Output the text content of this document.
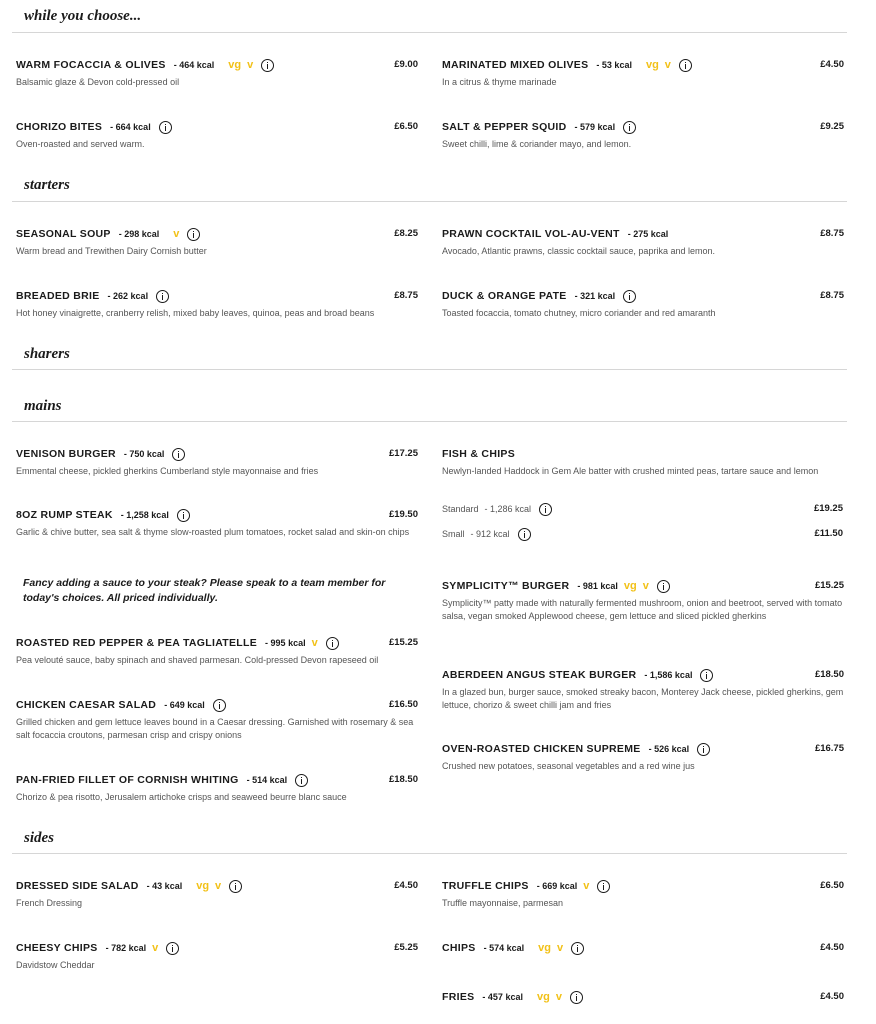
while you choose...
WARM FOCACCIA & OLIVES	- 464 kcal vg v	£9.00
Balsamic glaze & Devon cold-pressed oil
MARINATED MIXED OLIVES	- 53 kcal vg v	£4.50
In a citrus & thyme marinade
CHORIZO BITES	- 664 kcal	£6.50
Oven-roasted and served warm.
SALT & PEPPER SQUID	- 579 kcal	£9.25
Sweet chilli, lime & coriander mayo, and lemon.
starters
SEASONAL SOUP	- 298 kcal v	£8.25
Warm bread and Trewithen Dairy Cornish butter
PRAWN COCKTAIL VOL-AU-VENT	- 275 kcal	£8.75
Avocado, Atlantic prawns, classic cocktail sauce, paprika and lemon.
BREADED BRIE	- 262 kcal	£8.75
Hot honey vinaigrette, cranberry relish, mixed baby leaves, quinoa, peas and broad beans
DUCK & ORANGE PATE	- 321 kcal	£8.75
Toasted focaccia, tomato chutney, micro coriander and red amaranth
sharers
mains
VENISON BURGER	- 750 kcal	£17.25
Emmental cheese, pickled gherkins Cumberland style mayonnaise and fries
FISH & CHIPS
Newlyn-landed Haddock in Gem Ale batter with crushed minted peas, tartare sauce and lemon
Standard	- 1,286 kcal	£19.25
Small	- 912 kcal	£11.50
8OZ RUMP STEAK	- 1,258 kcal	£19.50
Garlic & chive butter, sea salt & thyme slow-roasted plum tomatoes, rocket salad and skin-on chips
Fancy adding a sauce to your steak? Please speak to a team member for today's choices. All priced individually.
SYMPLICITY™ BURGER	- 981 kcal vg v	£15.25
Symplicity™ patty made with naturally fermented mushroom, onion and beetroot, served with tomato salsa, vegan smoked Applewood cheese, gem lettuce and sliced pickled gherkins
ROASTED RED PEPPER & PEA TAGLIATELLE	- 995 kcal v	£15.25
Pea velouté sauce, baby spinach and shaved parmesan. Cold-pressed Devon rapeseed oil
ABERDEEN ANGUS STEAK BURGER	- 1,586 kcal	£18.50
In a glazed bun, burger sauce, smoked streaky bacon, Monterey Jack cheese, pickled gherkins, gem lettuce, chorizo & sweet chilli jam and fries
CHICKEN CAESAR SALAD	- 649 kcal	£16.50
Grilled chicken and gem lettuce leaves bound in a Caesar dressing. Garnished with rosemary & sea salt focaccia croutons, parmesan crisp and crispy onions
OVEN-ROASTED CHICKEN SUPREME	- 526 kcal	£16.75
Crushed new potatoes, seasonal vegetables and a red wine jus
PAN-FRIED FILLET OF CORNISH WHITING	- 514 kcal	£18.50
Chorizo & pea risotto, Jerusalem artichoke crisps and seaweed beurre blanc sauce
sides
DRESSED SIDE SALAD	- 43 kcal vg v	£4.50
French Dressing
TRUFFLE CHIPS	- 669 kcal v	£6.50
Truffle mayonnaise, parmesan
CHEESY CHIPS	- 782 kcal v	£5.25
Davidstow Cheddar
CHIPS	- 574 kcal vg v	£4.50
FRIES	- 457 kcal vg v	£4.50
